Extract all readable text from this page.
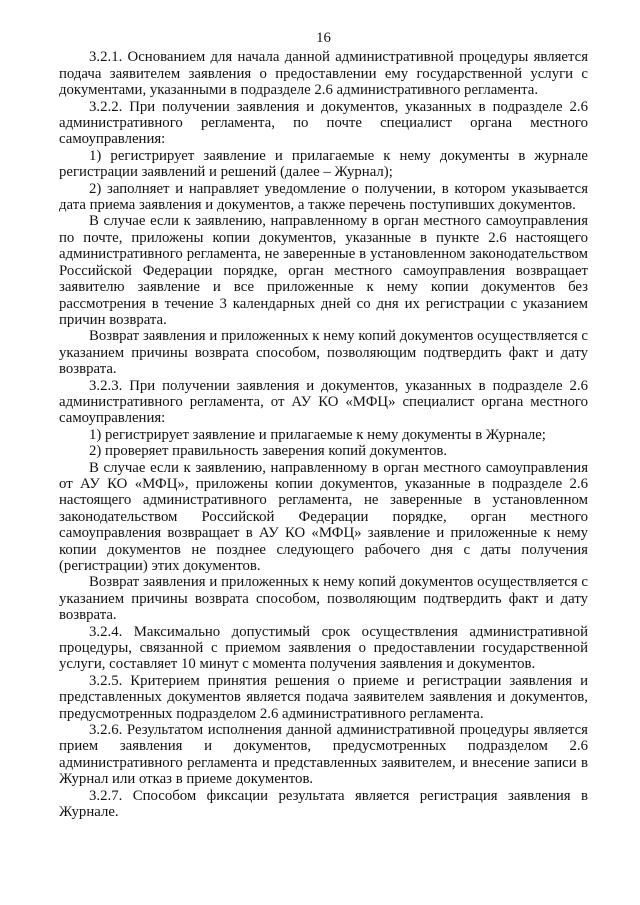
16

3.2.1. Основанием для начала данной административной процедуры является подача заявителем заявления о предоставлении ему государственной услуги с документами, указанными в подразделе 2.6 административного регламента.

3.2.2. При получении заявления и документов, указанных в подразделе 2.6 административного регламента, по почте специалист органа местного самоуправления:

1) регистрирует заявление и прилагаемые к нему документы в журнале регистрации заявлений и решений (далее – Журнал);

2) заполняет и направляет уведомление о получении, в котором указывается дата приема заявления и документов, а также перечень поступивших документов.

В случае если к заявлению, направленному в орган местного самоуправления по почте, приложены копии документов, указанные в пункте 2.6 настоящего административного регламента, не заверенные в установленном законодательством Российской Федерации порядке, орган местного самоуправления возвращает заявителю заявление и все приложенные к нему копии документов без рассмотрения в течение 3 календарных дней со дня их регистрации с указанием причин возврата.

Возврат заявления и приложенных к нему копий документов осуществляется с указанием причины возврата способом, позволяющим подтвердить факт и дату возврата.

3.2.3. При получении заявления и документов, указанных в подразделе 2.6 административного регламента, от АУ КО «МФЦ» специалист органа местного самоуправления:

1) регистрирует заявление и прилагаемые к нему документы в Журнале;

2) проверяет правильность заверения копий документов.

В случае если к заявлению, направленному в орган местного самоуправления от АУ КО «МФЦ», приложены копии документов, указанные в подразделе 2.6 настоящего административного регламента, не заверенные в установленном законодательством Российской Федерации порядке, орган местного самоуправления возвращает в АУ КО «МФЦ» заявление и приложенные к нему копии документов не позднее следующего рабочего дня с даты получения (регистрации) этих документов.

Возврат заявления и приложенных к нему копий документов осуществляется с указанием причины возврата способом, позволяющим подтвердить факт и дату возврата.

3.2.4. Максимально допустимый срок осуществления административной процедуры, связанной с приемом заявления о предоставлении государственной услуги, составляет 10 минут с момента получения заявления и документов.

3.2.5. Критерием принятия решения о приеме и регистрации заявления и представленных документов является подача заявителем заявления и документов, предусмотренных подразделом 2.6 административного регламента.

3.2.6. Результатом исполнения данной административной процедуры является прием заявления и документов, предусмотренных подразделом 2.6 административного регламента и представленных заявителем, и внесение записи в Журнал или отказ в приеме документов.

3.2.7. Способом фиксации результата является регистрация заявления в Журнале.
